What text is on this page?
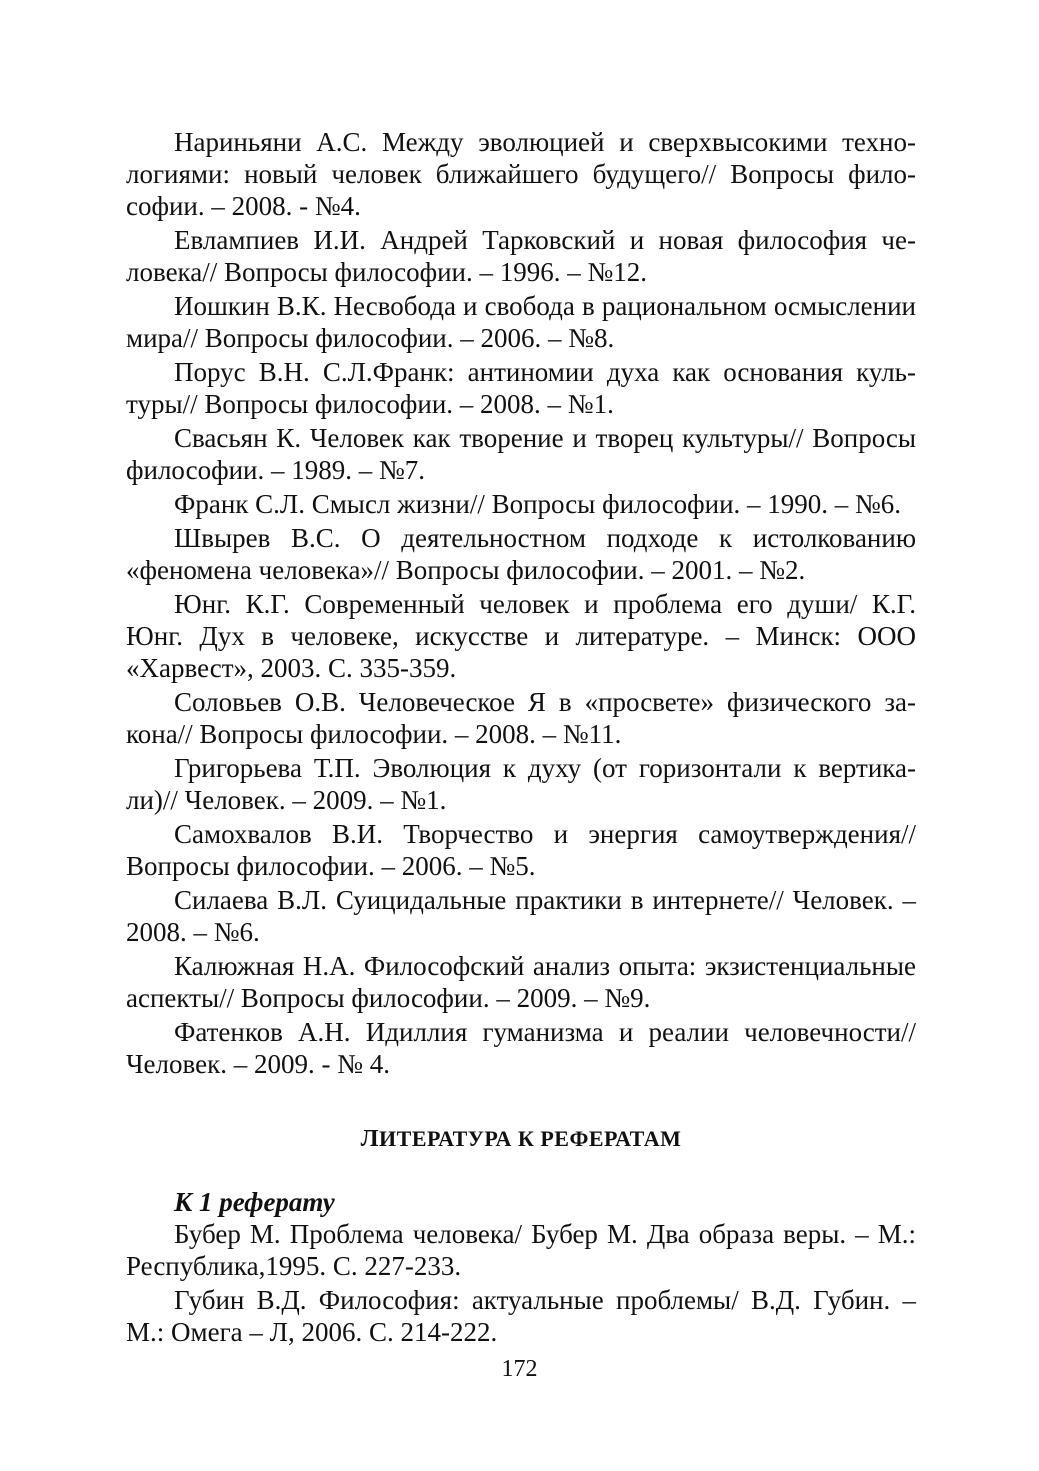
Нариньяни А.С. Между эволюцией и сверхвысокими технологиями: новый человек ближайшего будущего// Вопросы философии. – 2008. - №4.

Евлампиев И.И. Андрей Тарковский и новая философия человека// Вопросы философии. – 1996. – №12.

Иошкин В.К. Несвобода и свобода в рациональном осмыслении мира// Вопросы философии. – 2006. – №8.

Порус В.Н. С.Л.Франк: антиномии духа как основания культуры// Вопросы философии. – 2008. – №1.

Свасьян К. Человек как творение и творец культуры// Вопросы философии. – 1989. – №7.

Франк С.Л. Смысл жизни// Вопросы философии. – 1990. – №6.

Швырев В.С. О деятельностном подходе к истолкованию «феномена человека»// Вопросы философии. – 2001. – №2.

Юнг. К.Г. Современный человек и проблема его души/ К.Г. Юнг. Дух в человеке, искусстве и литературе. – Минск: ООО «Харвест», 2003. С. 335-359.

Соловьев О.В. Человеческое Я в «просвете» физического закона// Вопросы философии. – 2008. – №11.

Григорьева Т.П. Эволюция к духу (от горизонтали к вертикали)// Человек. – 2009. – №1.

Самохвалов В.И. Творчество и энергия самоутверждения// Вопросы философии. – 2006. – №5.

Силаева В.Л. Суицидальные практики в интернете// Человек. – 2008. – №6.

Калюжная Н.А. Философский анализ опыта: экзистенциальные аспекты// Вопросы философии. – 2009. – №9.

Фатенков А.Н. Идиллия гуманизма и реалии человечности// Человек. – 2009. - № 4.

ЛИТЕРАТУРА К РЕФЕРАТАМ
К 1 реферату

Бубер М. Проблема человека/ Бубер М. Два образа веры. – М.: Республика,1995. С. 227-233.

Губин В.Д. Философия: актуальные проблемы/ В.Д. Губин. – М.: Омега – Л, 2006. С. 214-222.

172
